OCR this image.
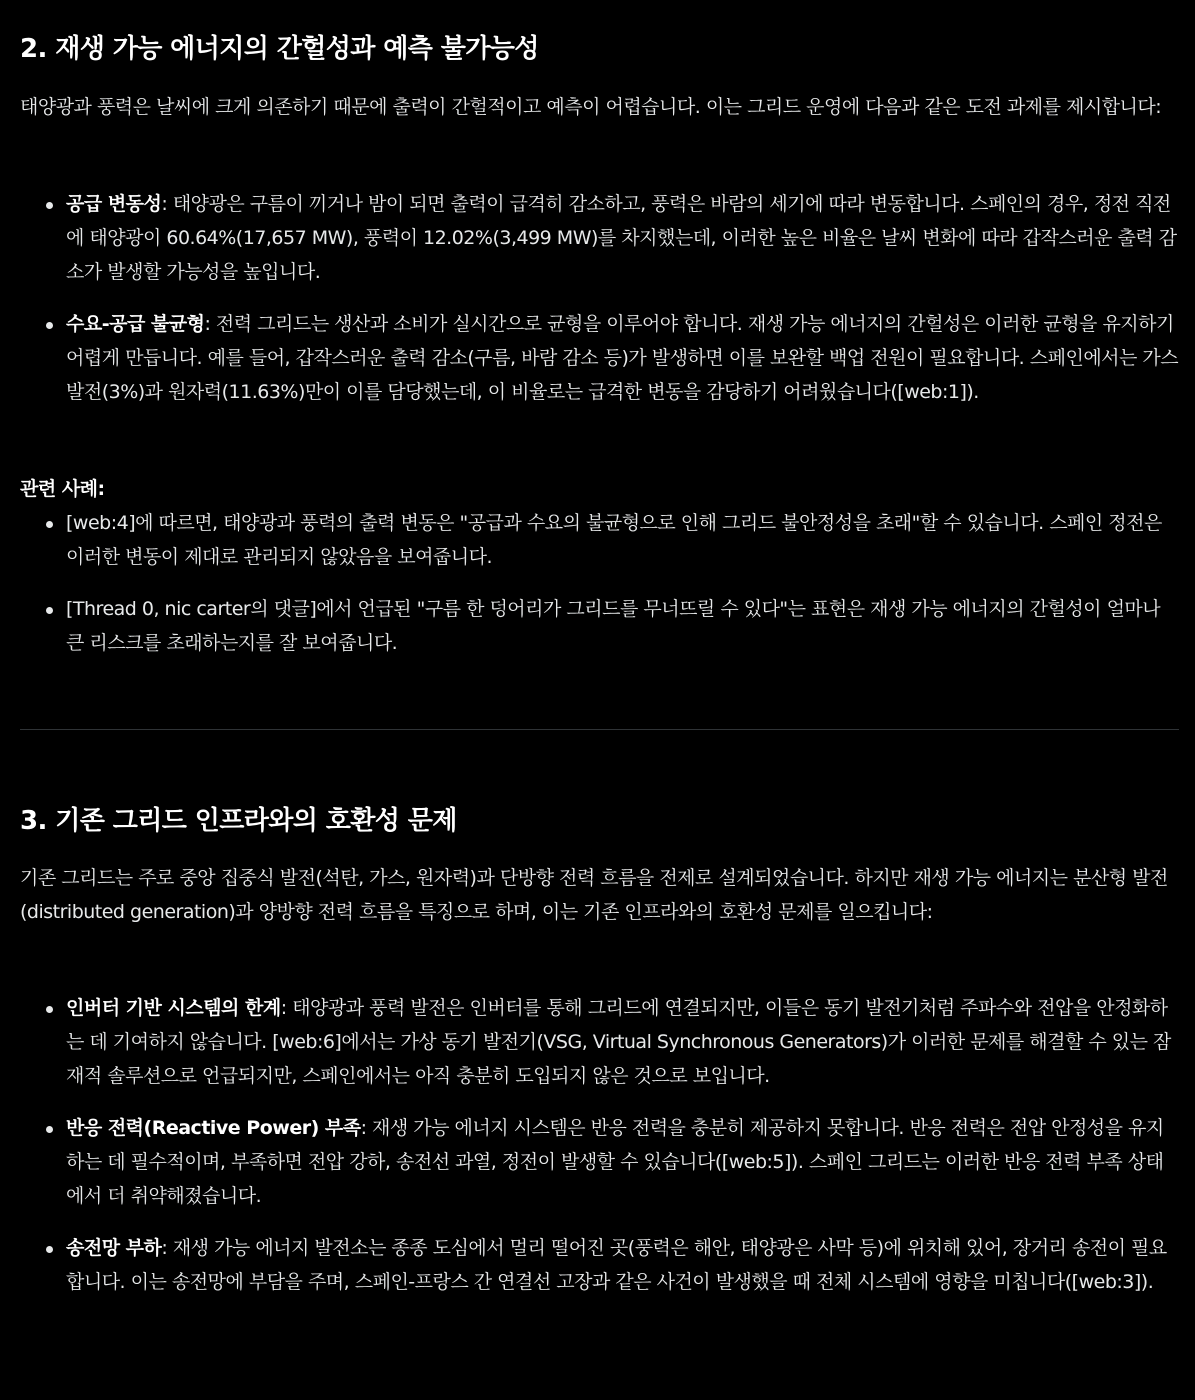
2. 재생 가능 에너지의 간헐성과 예측 불가능성

태양광과 풍력은 날씨에 크게 의존하기 때문에 출력이 간헐적이고 예측이 어렵습니다. 이는 그리드 운영에 다음과 같은 도전 과제를 제시합니다:

공급 변동성: 태양광은 구름이 끼거나 밤이 되면 출력이 급격히 감소하고, 풍력은 바람의 세기에 따라 변동합니다. 스페인의 경우, 정전 직전에 태양광이 60.64%(17,657 MW), 풍력이 12.02%(3,499 MW)를 차지했는데, 이러한 높은 비율은 날씨 변화에 따라 갑작스러운 출력 감소가 발생할 가능성을 높입니다.
수요-공급 불균형: 전력 그리드는 생산과 소비가 실시간으로 균형을 이루어야 합니다. 재생 가능 에너지의 간헐성은 이러한 균형을 유지하기 어렵게 만듭니다. 예를 들어, 갑작스러운 출력 감소(구름, 바람 감소 등)가 발생하면 이를 보완할 백업 전원이 필요합니다. 스페인에서는 가스 발전(3%)과 원자력(11.63%)만이 이를 담당했는데, 이 비율로는 급격한 변동을 감당하기 어려웠습니다([web:1]).
관련 사례:
[web:4]에 따르면, 태양광과 풍력의 출력 변동은 "공급과 수요의 불균형으로 인해 그리드 불안정성을 초래"할 수 있습니다. 스페인 정전은 이러한 변동이 제대로 관리되지 않았음을 보여줍니다.
[Thread 0, nic carter의 댓글]에서 언급된 "구름 한 덩어리가 그리드를 무너뜨릴 수 있다"는 표현은 재생 가능 에너지의 간헐성이 얼마나 큰 리스크를 초래하는지를 잘 보여줍니다.
3. 기존 그리드 인프라와의 호환성 문제

기존 그리드는 주로 중앙 집중식 발전(석탄, 가스, 원자력)과 단방향 전력 흐름을 전제로 설계되었습니다. 하지만 재생 가능 에너지는 분산형 발전(distributed generation)과 양방향 전력 흐름을 특징으로 하며, 이는 기존 인프라와의 호환성 문제를 일으킵니다:

인버터 기반 시스템의 한계: 태양광과 풍력 발전은 인버터를 통해 그리드에 연결되지만, 이들은 동기 발전기처럼 주파수와 전압을 안정화하는 데 기여하지 않습니다. [web:6]에서는 가상 동기 발전기(VSG, Virtual Synchronous Generators)가 이러한 문제를 해결할 수 있는 잠재적 솔루션으로 언급되지만, 스페인에서는 아직 충분히 도입되지 않은 것으로 보입니다.
반응 전력(Reactive Power) 부족: 재생 가능 에너지 시스템은 반응 전력을 충분히 제공하지 못합니다. 반응 전력은 전압 안정성을 유지하는 데 필수적이며, 부족하면 전압 강하, 송전선 과열, 정전이 발생할 수 있습니다([web:5]). 스페인 그리드는 이러한 반응 전력 부족 상태에서 더 취약해졌습니다.
송전망 부하: 재생 가능 에너지 발전소는 종종 도심에서 멀리 떨어진 곳(풍력은 해안, 태양광은 사막 등)에 위치해 있어, 장거리 송전이 필요합니다. 이는 송전망에 부담을 주며, 스페인-프랑스 간 연결선 고장과 같은 사건이 발생했을 때 전체 시스템에 영향을 미칩니다([web:3]).
